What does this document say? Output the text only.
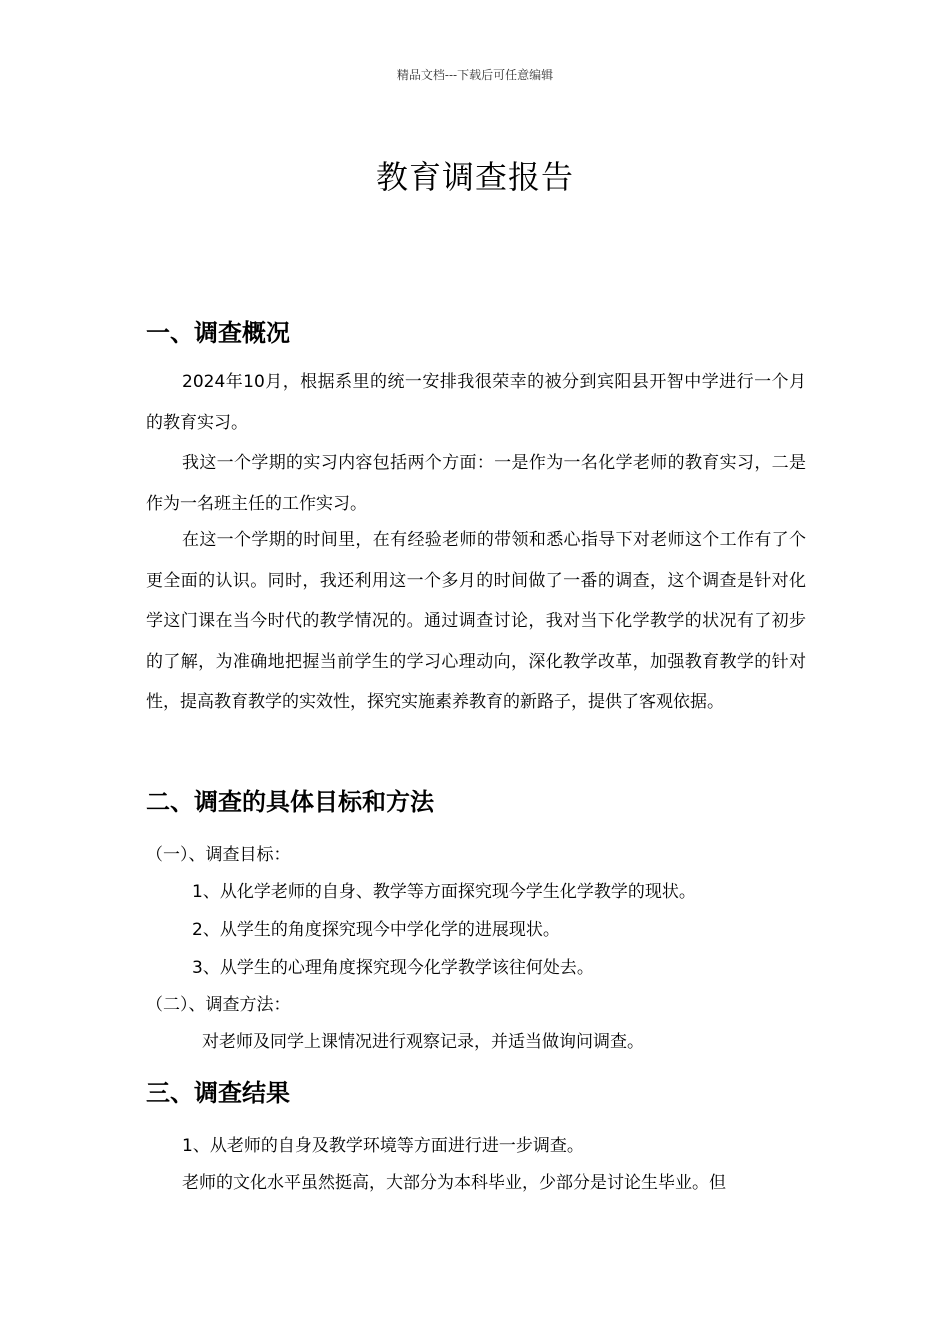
精品文档---下载后可任意编辑
教育调查报告
一、调查概况

2024年10月，根据系里的统一安排我很荣幸的被分到宾阳县开智中学进行一个月的教育实习。

我这一个学期的实习内容包括两个方面：一是作为一名化学老师的教育实习，二是作为一名班主任的工作实习。

在这一个学期的时间里，在有经验老师的带领和悉心指导下对老师这个工作有了个更全面的认识。同时，我还利用这一个多月的时间做了一番的调查，这个调查是针对化学这门课在当今时代的教学情况的。通过调查讨论，我对当下化学教学的状况有了初步的了解，为准确地把握当前学生的学习心理动向，深化教学改革，加强教育教学的针对性，提高教育教学的实效性，探究实施素养教育的新路子，提供了客观依据。

二、调查的具体目标和方法

（一）、调查目标：

1、从化学老师的自身、教学等方面探究现今学生化学教学的现状。

2、从学生的角度探究现今中学化学的进展现状。

3、从学生的心理角度探究现今化学教学该往何处去。

（二）、调查方法：

对老师及同学上课情况进行观察记录，并适当做询问调查。

三、调查结果

1、从老师的自身及教学环境等方面进行进一步调查。

老师的文化水平虽然挺高，大部分为本科毕业，少部分是讨论生毕业。但
